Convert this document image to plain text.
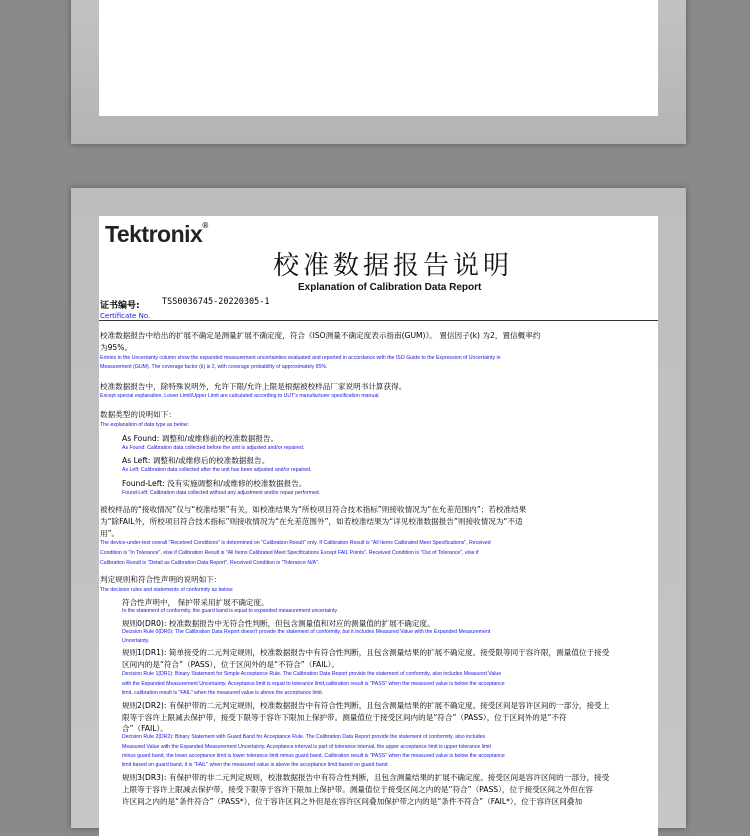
Tektronix®
校准数据报告说明
Explanation of Calibration Data Report
证书编号:	TSS0036745-20220305-1
Certificate No.
校准数据报告中给出的扩展不确定是测量扩展不确定度，符合《ISO测量不确定度表示指南(GUM)》。 置信因子(k) 为2，置信概率约
为95%。
Entries in the Uncertainty column show the expanded measurement uncertainties evaluated and reported in accordance with the ISO Guide to the Expression of Uncertainty in
Measurement (GUM). The coverage factor (k) is 2, with coverage probability of approximately 95%.
校准数据报告中，除特殊说明外，允许下限/允许上限是根据被校样品厂家说明书计算获得。
Except special explanation, Lower Limit/Upper Limit are calculated according to UUT's manufacturer specification manual.
数据类型的说明如下：
The explanation of data type as below:
As Found: 调整和/或维修前的校准数据报告。
As Found: Calibration data collected before the unit is adjusted and/or repaired.
As Left: 调整和/或维修后的校准数据报告。
As Left: Calibration data collected after the unit has been adjusted and/or repaired.
Found-Left: 没有实施调整和/或维修的校准数据报告。
Found-Left: Calibration data collected without any adjustment and/or repair performed.
被校样品的“接收情况”仅与“校准结果”有关，如校准结果为“所校项目符合技术指标”则接收情况为“在允差范围内”；若校准结果
为“除FAIL外，所校项目符合技术指标”则接收情况为“在允差范围外”，如若校准结果为“详见校准数据报告”则接收情况为“不适
用”。
The device-under-test overall "Received Conditions" is determined on "Calibration Result" only. If Calibration Result is "All Items Calibrated Meet Specifications", Received
Condition is "In Tolerance", else if Calibration Result is "All Items Calibrated Meet Specifications Except FAIL Points", Received Condition is "Out of Tolerance", else if
Calibration Result is "Detail as Calibration Data Report", Received Condition is "Tolerance N/A".
判定规则和符合性声明的说明如下：
The decision rules and statements of conformity as below:
符合性声明中， 保护带采用扩展不确定度。
In the statement of conformity, the guard band is equal to expanded measurement uncertainty.
规则0(DR0): 校准数据报告中无符合性判断，但包含测量值和对应的测量值的扩展不确定度。
Decision Rule 0(DR0): The Calibration Data Report doesn't provide the statement of conformity, but it includes Measured Value with the Expanded Measurement
Uncertainty.
规则1(DR1): 简单接受的二元判定规则，校准数据报告中有符合性判断，且包含测量结果的扩展不确定度。接受限等同于容许限，测量值位于接受
区间内的是“符合”（PASS），位于区间外的是“不符合”（FAIL）。
Decision Rule 1(DR1): Binary Statement for Simple Acceptance Rule. The Calibration Data Report provide the statement of conformity, also includes Measured Value
with the Expanded Measurement Uncertainty. Acceptance limit is equal to tolerance limit,calibration result is "PASS" when the measured value is below the acceptance
limit, calibration result is "FAIL" when the measured value is above the acceptance limit.
规则2(DR2): 有保护带的二元判定规则，校准数据报告中有符合性判断，且包含测量结果的扩展不确定度。接受区间是容许区间的一部分，接受上
限等于容许上限减去保护带，接受下限等于容许下限加上保护带。测量值位于接受区间内的是“符合”（PASS），位于区间外的是“不符
合”（FAIL）。
Decision Rule 2(DR2): Binary Statement with Guard Band for Acceptance Rule. The Calibration Data Report provide the statement of conformity, also includes
Measured Value with the Expanded Measurement Uncertainty. Acceptance interval is part of tolerance interval, the upper acceptance limit is upper tolerance limit
minus guard band, the lower acceptance limit is lower tolerance limit minus guard band. Calibration result is "PASS" when the measured value is below the acceptance
limit based on guard band, it is "FAIL" when the measured value is above the acceptance limit based on guard band
规则3(DR3): 有保护带的非二元判定规则，校准数据报告中有符合性判断，且包含测量结果的扩展不确定度。接受区间是容许区间的一部分，接受
上限等于容许上限减去保护带，接受下限等于容许下限加上保护带。测量值位于接受区间之内的是“符合”（PASS），位于接受区间之外但在容
许区间之内的是“条件符合”（PASS*），位于容许区间之外但是在容许区间叠加保护带之内的是“条件不符合”（FAIL*），位于容许区间叠加
